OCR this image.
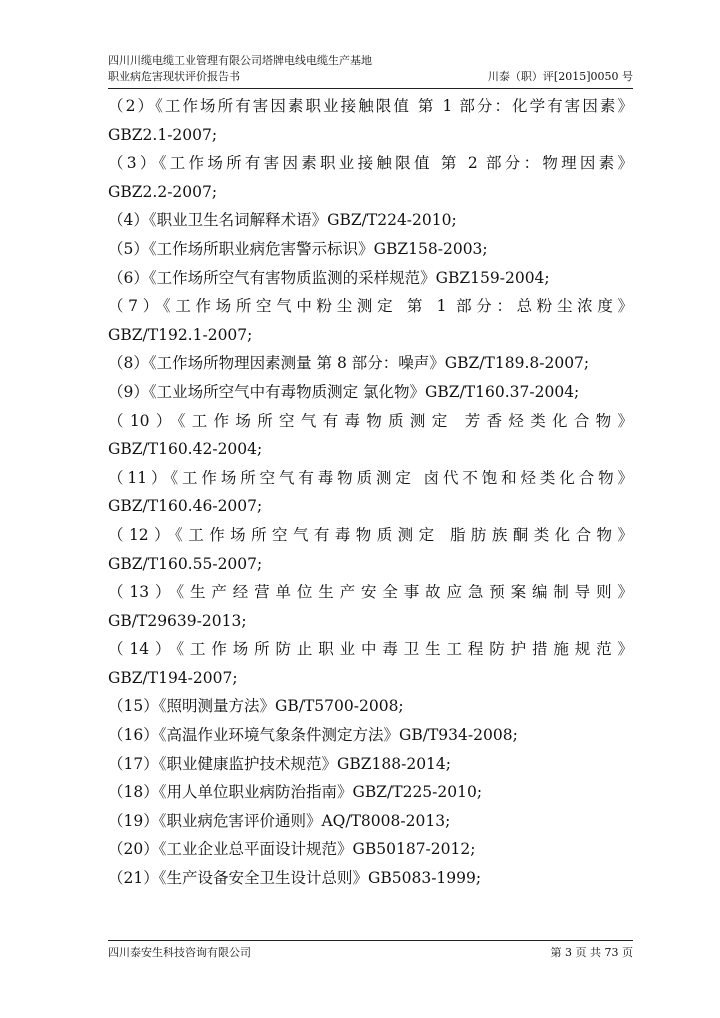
四川川缆电缆工业管理有限公司塔牌电线电缆生产基地
职业病危害现状评价报告书	川泰（职）评[2015]0050 号
（2）《工作场所有害因素职业接触限值 第 1 部分：化学有害因素》
GBZ2.1-2007;
（3）《工作场所有害因素职业接触限值 第 2 部分：物理因素》
GBZ2.2-2007;
（4）《职业卫生名词解释术语》GBZ/T224-2010;
（5）《工作场所职业病危害警示标识》GBZ158-2003;
（6）《工作场所空气有害物质监测的采样规范》GBZ159-2004;
（7）《工作场所空气中粉尘测定 第 1 部分：总粉尘浓度》
GBZ/T192.1-2007;
（8）《工作场所物理因素测量 第 8 部分：噪声》GBZ/T189.8-2007;
（9）《工业场所空气中有毒物质测定 氯化物》GBZ/T160.37-2004;
（10）《工作场所空气有毒物质测定 芳香烃类化合物》
GBZ/T160.42-2004;
（11）《工作场所空气有毒物质测定 卤代不饱和烃类化合物》
GBZ/T160.46-2007;
（12）《工作场所空气有毒物质测定 脂肪族酮类化合物》
GBZ/T160.55-2007;
（13）《生产经营单位生产安全事故应急预案编制导则》
GB/T29639-2013;
（14）《工作场所防止职业中毒卫生工程防护措施规范》
GBZ/T194-2007;
（15）《照明测量方法》GB/T5700-2008;
（16）《高温作业环境气象条件测定方法》GB/T934-2008;
（17）《职业健康监护技术规范》GBZ188-2014;
（18）《用人单位职业病防治指南》GBZ/T225-2010;
（19）《职业病危害评价通则》AQ/T8008-2013;
（20）《工业企业总平面设计规范》GB50187-2012;
（21）《生产设备安全卫生设计总则》GB5083-1999;
四川泰安生科技咨询有限公司	第 3 页 共 73 页
